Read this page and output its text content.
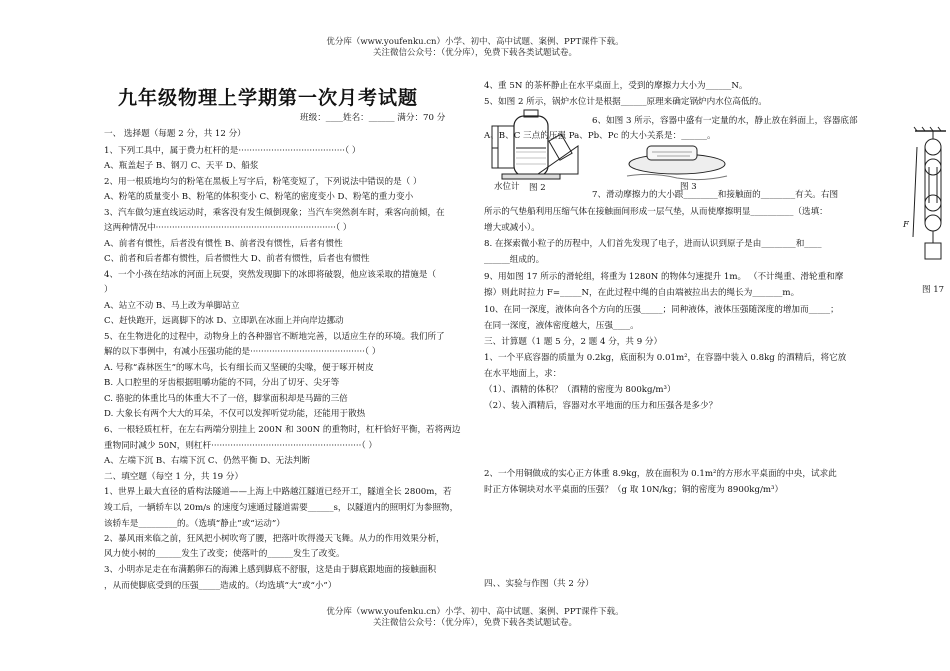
优分库（www.youfenku.cn）小学、初中、高中试题、案例、PPT课件下载。
关注微信公众号：（优分库），免费下载各类试题试卷。
九年级物理上学期第一次月考试题
班级：____姓名：______ 满分：70 分
一、 选择题（每题 2 分，共 12 分）
1、下列工具中，属于费力杠杆的是·······································（ ）
A、瓶盖起子 B、钢刀 C、天平 D、船浆
2、用一根质地均匀的粉笔在黑板上写字后，粉笔变短了，下列说法中错误的是（ ）
A、粉笔的质量变小 B、粉笔的体积变小 C、粉笔的密度变小 D、粉笔的重力变小
3、汽车做匀速直线运动时，乘客没有发生倾倒现象；当汽车突然刹车时，乘客向前倾，在
这两种情况中··································································（ ）
A、前者有惯性，后者没有惯性 B、前者没有惯性，后者有惯性
C、前者和后者都有惯性，后者惯性大 D、前者有惯性，后者也有惯性
4、一个小孩在结冰的河面上玩耍，突然发现脚下的冰即将破裂，他应该采取的措施是（
）
A、站立不动 B、马上改为单脚站立
C、赶快跑开，远离脚下的冰 D、立即趴在冰面上并向岸边挪动
5、在生物进化的过程中，动物身上的各种器官不断地完善，以适应生存的环境。我们所了
解的以下事例中，有减小压强功能的是··········································（ ）
A. 号称“森林医生”的啄木鸟，长有细长而又坚硬的尖喙，便于啄开树皮
B. 人口腔里的牙齿根据咀嚼功能的不同，分出了切牙、尖牙等
C. 骆驼的体重比马的体重大不了一倍，脚掌面积却是马蹄的三倍
D. 大象长有两个大大的耳朵，不仅可以发挥听觉功能，还能用于散热
6、一根轻质杠杆，在左右两端分别挂上 200N 和 300N 的重物时，杠杆恰好平衡，若将两边
重物同时减少 50N，则杠杆·······················································（ ）
A、左端下沉 B、右端下沉 C、仍然平衡 D、无法判断
二、填空题（每空 1 分，共 19 分）
1、世界上最大直径的盾构法隧道——上海上中路越江隧道已经开工，隧道全长 2800m，若
竣工后，一辆轿车以 20m/s 的速度匀速通过隧道需要______s，以隧道内的照明灯为参照物，
该轿车是_________的。（选填“静止”或“运动”）
2、暴风雨来临之前，狂风把小树吹弯了腰，把落叶吹得漫天飞舞。从力的作用效果分析，
风力使小树的______发生了改变；使落叶的______发生了改变。
3、小明赤足走在布满鹅卵石的海滩上感到脚底不舒服，这是由于脚底跟地面的接触面积
，从而使脚底受到的压强_____造成的。（均选填“大”或“小”）
4、重 5N 的茶杯静止在水平桌面上，受到的摩擦力大小为______N。
5、如图 2 所示，锅炉水位计是根据______原理来确定锅炉内水位高低的。
6、如图 3 所示，容器中盛有一定量的水，静止放在斜面上，容器底部
A、B、C 三点的压强 Pa、Pb、Pc 的大小关系是：______。
7、滑动摩擦力的大小跟________和接触面的________有关。右图
所示的气垫船利用压缩气体在接触面间形成一层气垫，从而使摩擦明显__________（选填：
增大或减小）。
8. 在探索微小粒子的历程中，人们首先发现了电子，进而认识到原子是由________和____
______组成的。
9、用如图 17 所示的滑轮组，将重为 1280N 的物体匀速提升 1m。 （不计绳重、滑轮重和摩
擦）则此时拉力 F=_____N，在此过程中绳的自由端被拉出去的绳长为_______m。
10、在同一深度，液体向各个方向的压强_____；同种液体，液体压强随深度的增加而_____；
在同一深度，液体密度越大，压强____。
三、计算题（1 题 5 分，2 题 4 分，共 9 分）
1、一个平底容器的质量为 0.2kg，底面积为 0.01m²，在容器中装入 0.8kg 的酒精后，将它放
在水平地面上，求：
（1）、酒精的体积？（酒精的密度为 800kg/m³）
（2）、装入酒精后，容器对水平地面的压力和压强各是多少？
2、一个用铜做成的实心正方体重 8.9kg，放在面积为 0.1m²的方形水平桌面的中央，试求此
时正方体铜块对水平桌面的压强？（g 取 10N/kg；铜的密度为 8900kg/m³）
四、、实验与作图（共 2 分）
水位计 图 2	图 3
F
图 17
优分库（www.youfenku.cn）小学、初中、高中试题、案例、PPT课件下载。
关注微信公众号：（优分库），免费下载各类试题试卷。
